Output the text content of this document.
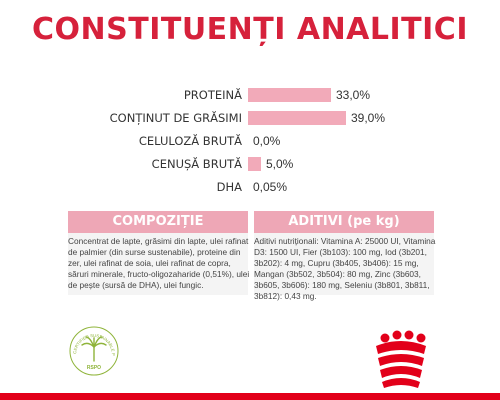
CONSTITUENȚI ANALITICI
PROTEINĂ	33,0%
CONȚINUT DE GRĂSIMI	39,0%
CELULOZĂ BRUTĂ 0,0%
CENUȘĂ BRUTĂ 5,0%
DHA 0,05%
COMPOZIȚIE
Concentrat de lapte, grăsimi din lapte, ulei rafinat de palmier (din surse sustenabile), proteine din zer, ulei rafinat de soia, ulei rafinat de copra, săruri minerale, fructo-oligozaharide (0,51%), ulei de pește (sursă de DHA), ulei fungic.
ADITIVI (pe kg)
Aditivi nutriționali: Vitamina A: 25000 UI, Vitamina D3: 1500 UI, Fier (3b103): 100 mg, Iod (3b201, 3b202): 4 mg, Cupru (3b405, 3b406): 15 mg, Mangan (3b502, 3b504): 80 mg, Zinc (3b603, 3b605, 3b606): 180 mg, Seleniu (3b801, 3b811, 3b812): 0,43 mg.
CERTIFIED SUSTAINABLE P
RSPO
